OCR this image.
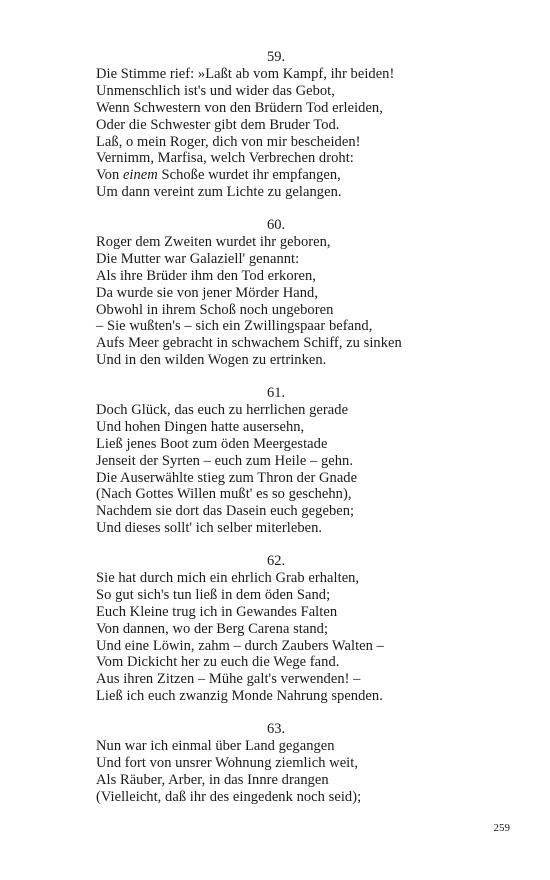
59.
Die Stimme rief: »Laßt ab vom Kampf, ihr beiden!
Unmenschlich ist's und wider das Gebot,
Wenn Schwestern von den Brüdern Tod erleiden,
Oder die Schwester gibt dem Bruder Tod.
Laß, o mein Roger, dich von mir bescheiden!
Vernimm, Marfisa, welch Verbrechen droht:
Von einem Schoße wurdet ihr empfangen,
Um dann vereint zum Lichte zu gelangen.
60.
Roger dem Zweiten wurdet ihr geboren,
Die Mutter war Galaziell' genannt:
Als ihre Brüder ihm den Tod erkoren,
Da wurde sie von jener Mörder Hand,
Obwohl in ihrem Schoß noch ungeboren
– Sie wußten's – sich ein Zwillingspaar befand,
Aufs Meer gebracht in schwachem Schiff, zu sinken
Und in den wilden Wogen zu ertrinken.
61.
Doch Glück, das euch zu herrlichen gerade
Und hohen Dingen hatte ausersehn,
Ließ jenes Boot zum öden Meergestade
Jenseit der Syrten – euch zum Heile – gehn.
Die Auserwählte stieg zum Thron der Gnade
(Nach Gottes Willen mußt' es so geschehn),
Nachdem sie dort das Dasein euch gegeben;
Und dieses sollt' ich selber miterleben.
62.
Sie hat durch mich ein ehrlich Grab erhalten,
So gut sich's tun ließ in dem öden Sand;
Euch Kleine trug ich in Gewandes Falten
Von dannen, wo der Berg Carena stand;
Und eine Löwin, zahm – durch Zaubers Walten –
Vom Dickicht her zu euch die Wege fand.
Aus ihren Zitzen – Mühe galt's verwenden! –
Ließ ich euch zwanzig Monde Nahrung spenden.
63.
Nun war ich einmal über Land gegangen
Und fort von unsrer Wohnung ziemlich weit,
Als Räuber, Arber, in das Innre drangen
(Vielleicht, daß ihr des eingedenk noch seid);
259
